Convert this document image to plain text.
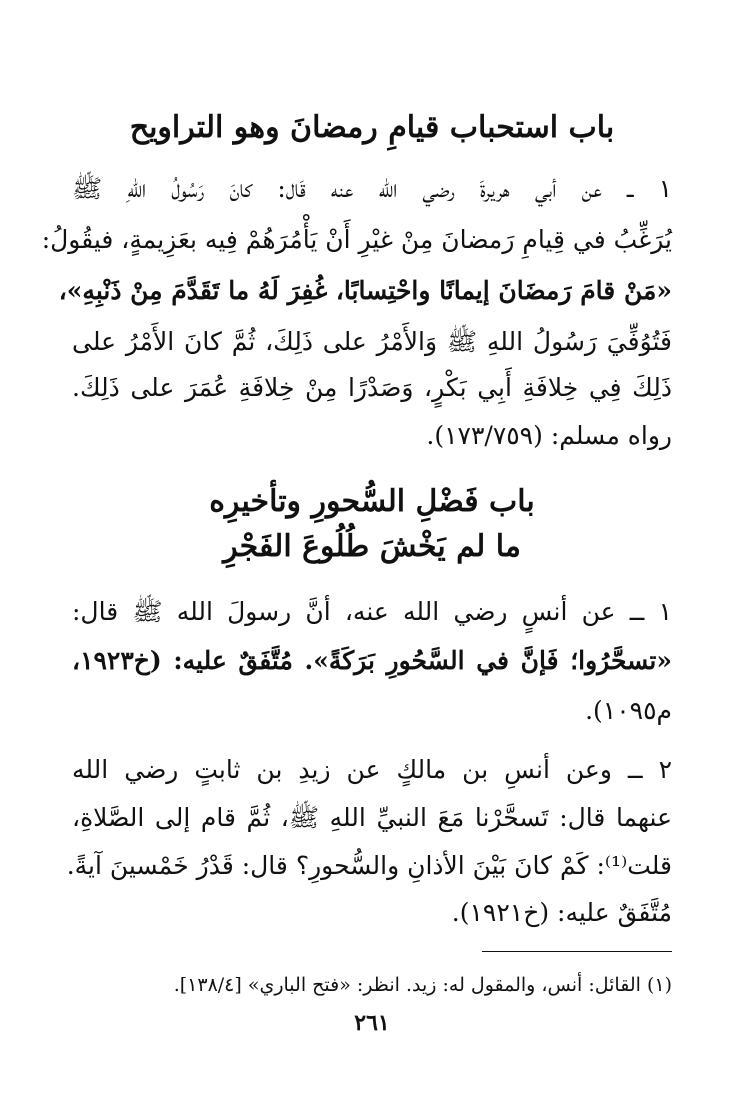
باب استحباب قيامِ رمضانَ وهو التراويح
١ ــ عن أبي هريرةَ رضي الله عنه قَال: كانَ رَسُولُ اللهِ ﷺ
يُرَغِّبُ في قِيامِ رَمضانَ مِنْ غيْرِ أَنْ يَأْمُرَهُمْ فِيه بعَزِيمةٍ، فيقُولُ:
«مَنْ قامَ رَمضَانَ إيمانًا واحْتِسابًا، غُفِرَ لَهُ ما تَقَدَّمَ مِنْ ذَنْبِهِ»،
فَتُوُفِّيَ رَسُولُ اللهِ ﷺ وَالأَمْرُ على ذَلِكَ، ثُمَّ كانَ الأَمْرُ على
ذَلِكَ فِي خِلافَةِ أَبِي بَكْرٍ، وَصَدْرًا مِنْ خِلافَةِ عُمَرَ على ذَلِكَ.
رواه مسلم: (١٧٣/٧٥٩).
باب فَضْلِ السُّحورِ وتأخيرِه
ما لم يَخْشَ طُلُوعَ الفَجْرِ
١ ــ عن أنسٍ رضي الله عنه، أنَّ رسولَ الله ﷺ قال:
«تسحَّرُوا؛ فَإنَّ في السَّحُورِ بَرَكَةً». مُتَّفَقٌ عليه: (خ١٩٢٣،
م١٠٩٥).
٢ ــ وعن أنسِ بن مالكٍ عن زيدِ بن ثابتٍ رضي الله
عنهما قال: تَسحَّرْنا مَعَ النبيِّ اللهِ ﷺ، ثُمَّ قام إلى الصَّلاةِ،
قلت⁽¹⁾: كَمْ كانَ بَيْنَ الأذانِ والسُّحورِ؟ قال: قَدْرُ خَمْسينَ آيةً.
مُتَّفَقٌ عليه: (خ١٩٢١).
(١) القائل: أنس، والمقول له: زيد. انظر: «فتح الباري» [١٣٨/٤].
٢٦١
